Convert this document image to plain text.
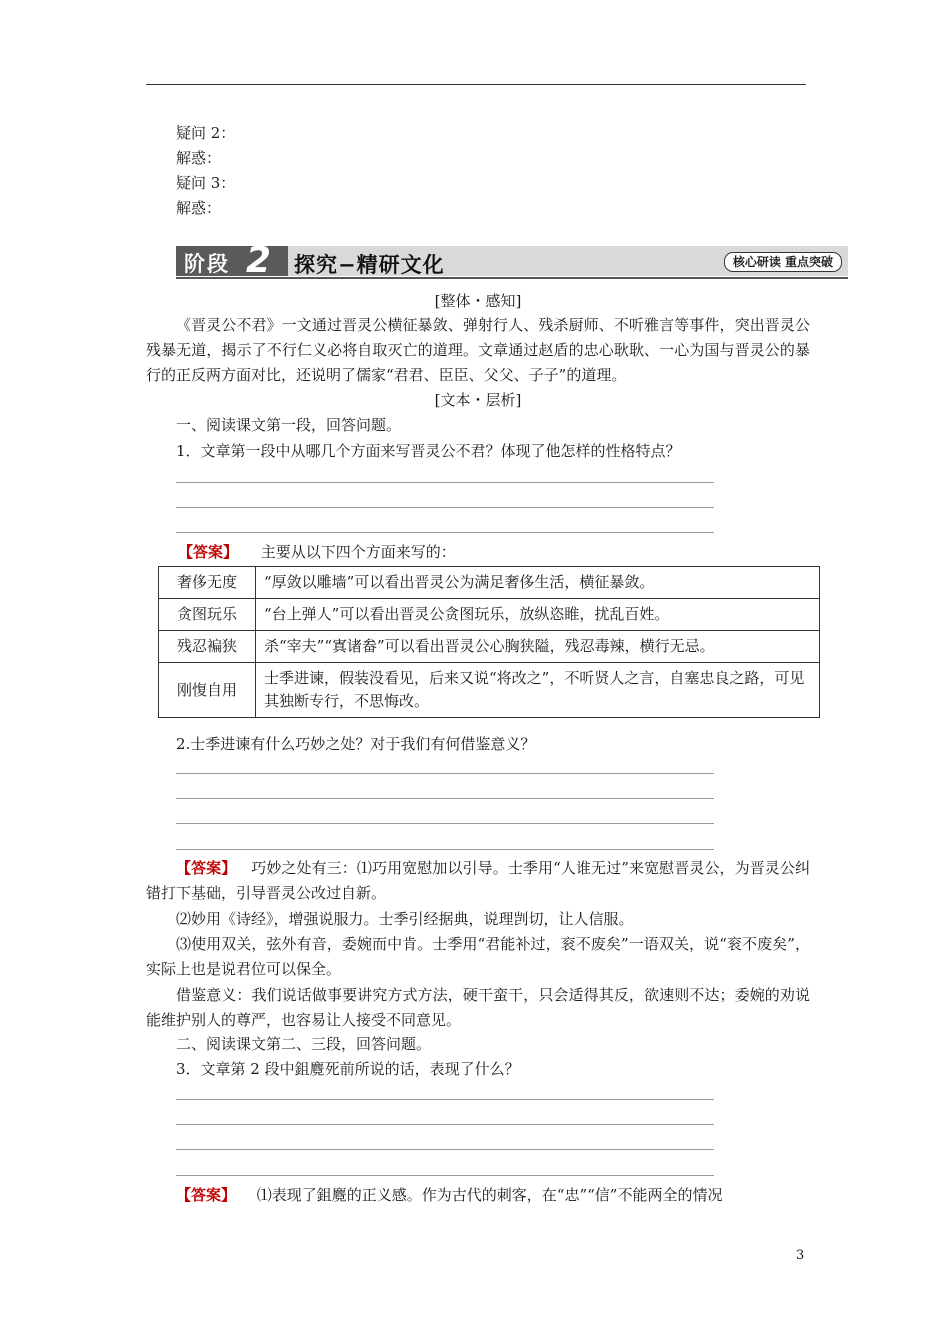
疑问 2：
解惑：
疑问 3：
解惑：
阶段 2	探究−精研文化	核心研读 重点突破
[整体・感知]
《晋灵公不君》一文通过晋灵公横征暴敛、弹射行人、残杀厨师、不听雅言等事件，突出晋灵公残暴无道，揭示了不行仁义必将自取灭亡的道理。文章通过赵盾的忠心耿耿、一心为国与晋灵公的暴行的正反两方面对比，还说明了儒家“君君、臣臣、父父、子子”的道理。
[文本・层析]
一、阅读课文第一段，回答问题。
1．文章第一段中从哪几个方面来写晋灵公不君？体现了他怎样的性格特点？
【答案】 主要从以下四个方面来写的：
奢侈无度	“厚敛以雕墙”可以看出晋灵公为满足奢侈生活，横征暴敛。
贪图玩乐	“台上弹人”可以看出晋灵公贪图玩乐，放纵恣睢，扰乱百姓。
残忍褊狭	杀“宰夫”“寘诸畚”可以看出晋灵公心胸狭隘，残忍毒辣，横行无忌。
刚愎自用	士季进谏，假装没看见，后来又说“将改之”，不听贤人之言，自塞忠良之路，可见其独断专行，不思悔改。
2.士季进谏有什么巧妙之处？对于我们有何借鉴意义？
【答案】 巧妙之处有三：⑴巧用宽慰加以引导。士季用“人谁无过”来宽慰晋灵公，为晋灵公纠错打下基础，引导晋灵公改过自新。
⑵妙用《诗经》，增强说服力。士季引经据典，说理剀切，让人信服。
⑶使用双关，弦外有音，委婉而中肯。士季用“君能补过，衮不废矣”一语双关，说“衮不废矣”，实际上也是说君位可以保全。
借鉴意义：我们说话做事要讲究方式方法，硬干蛮干，只会适得其反，欲速则不达；委婉的劝说能维护别人的尊严，也容易让人接受不同意见。
二、阅读课文第二、三段，回答问题。
3．文章第 2 段中鉏麑死前所说的话，表现了什么？
【答案】 ⑴表现了鉏麑的正义感。作为古代的刺客，在“忠”“信”不能两全的情况
3
